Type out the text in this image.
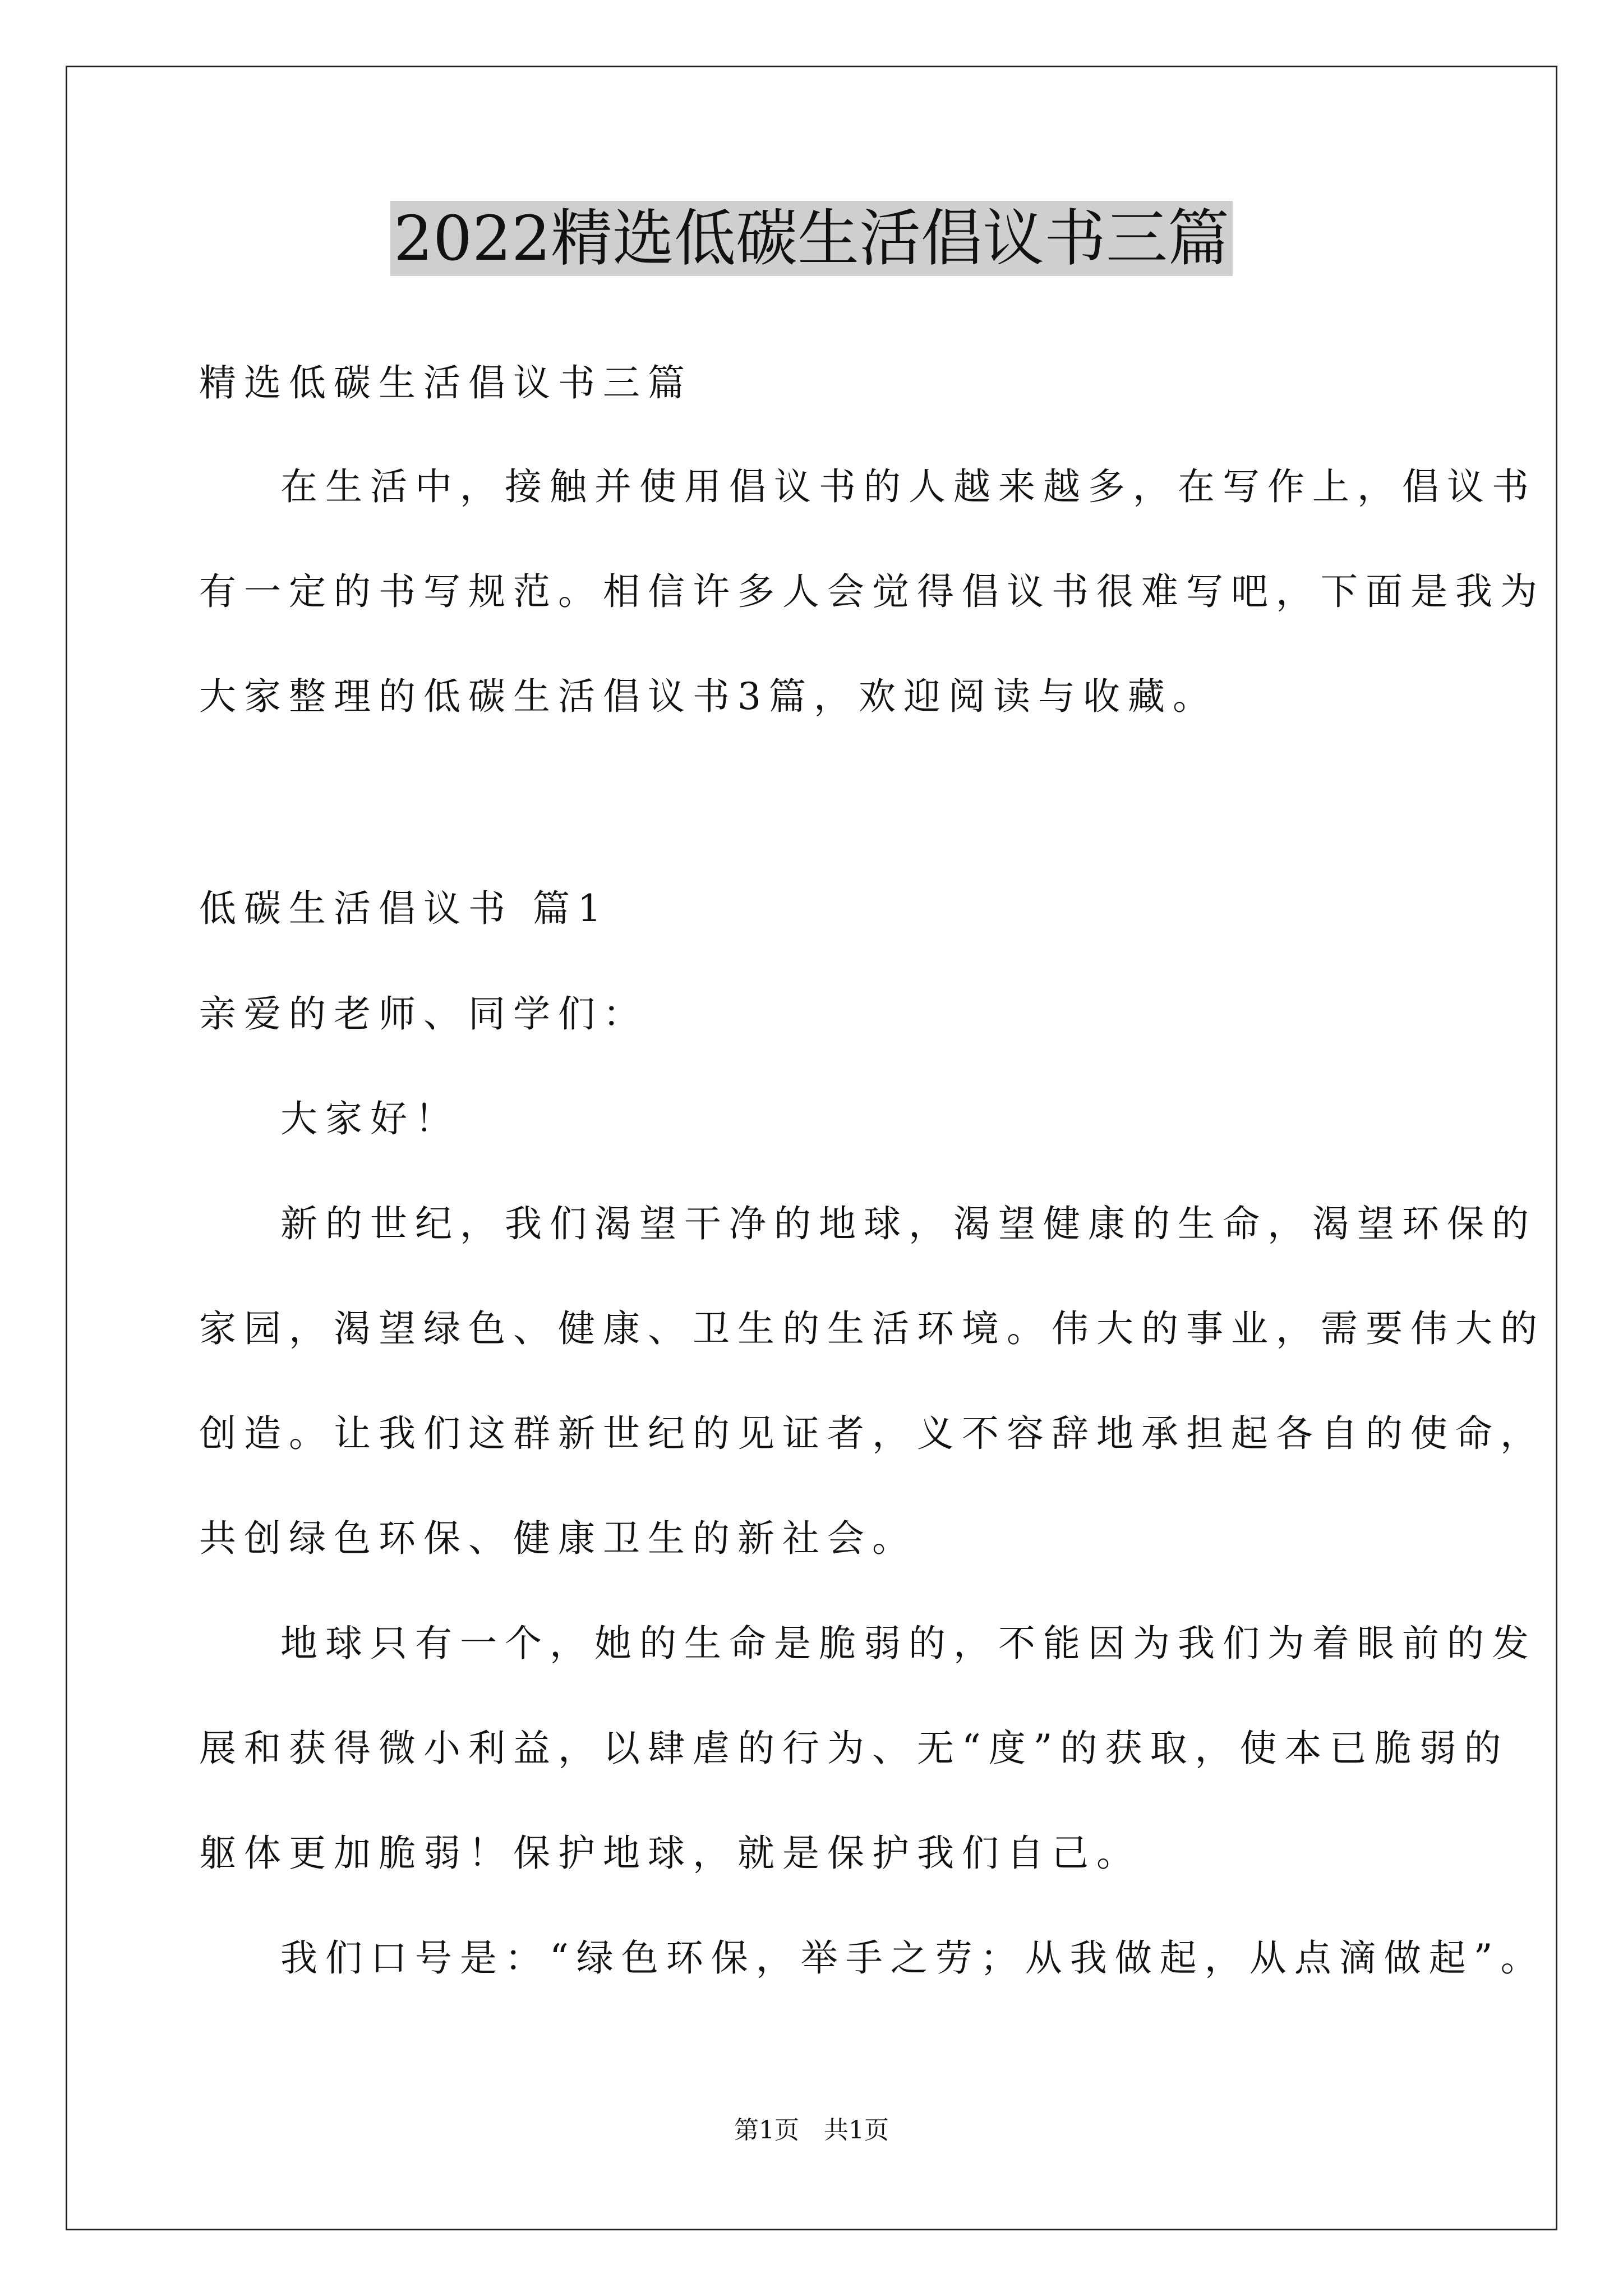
2022精选低碳生活倡议书三篇
精选低碳生活倡议书三篇
在生活中，接触并使用倡议书的人越来越多，在写作上，倡议书
有一定的书写规范。相信许多人会觉得倡议书很难写吧，下面是我为
大家整理的低碳生活倡议书3篇，欢迎阅读与收藏。
低碳生活倡议书 篇1
亲爱的老师、同学们：
大家好！
新的世纪，我们渴望干净的地球，渴望健康的生命，渴望环保的
家园，渴望绿色、健康、卫生的生活环境。伟大的事业，需要伟大的
创造。让我们这群新世纪的见证者，义不容辞地承担起各自的使命，
共创绿色环保、健康卫生的新社会。
地球只有一个，她的生命是脆弱的，不能因为我们为着眼前的发
展和获得微小利益，以肆虐的行为、无“度”的获取，使本已脆弱的
躯体更加脆弱！保护地球，就是保护我们自己。
我们口号是：“绿色环保，举手之劳；从我做起，从点滴做起”。
第1页　共1页
